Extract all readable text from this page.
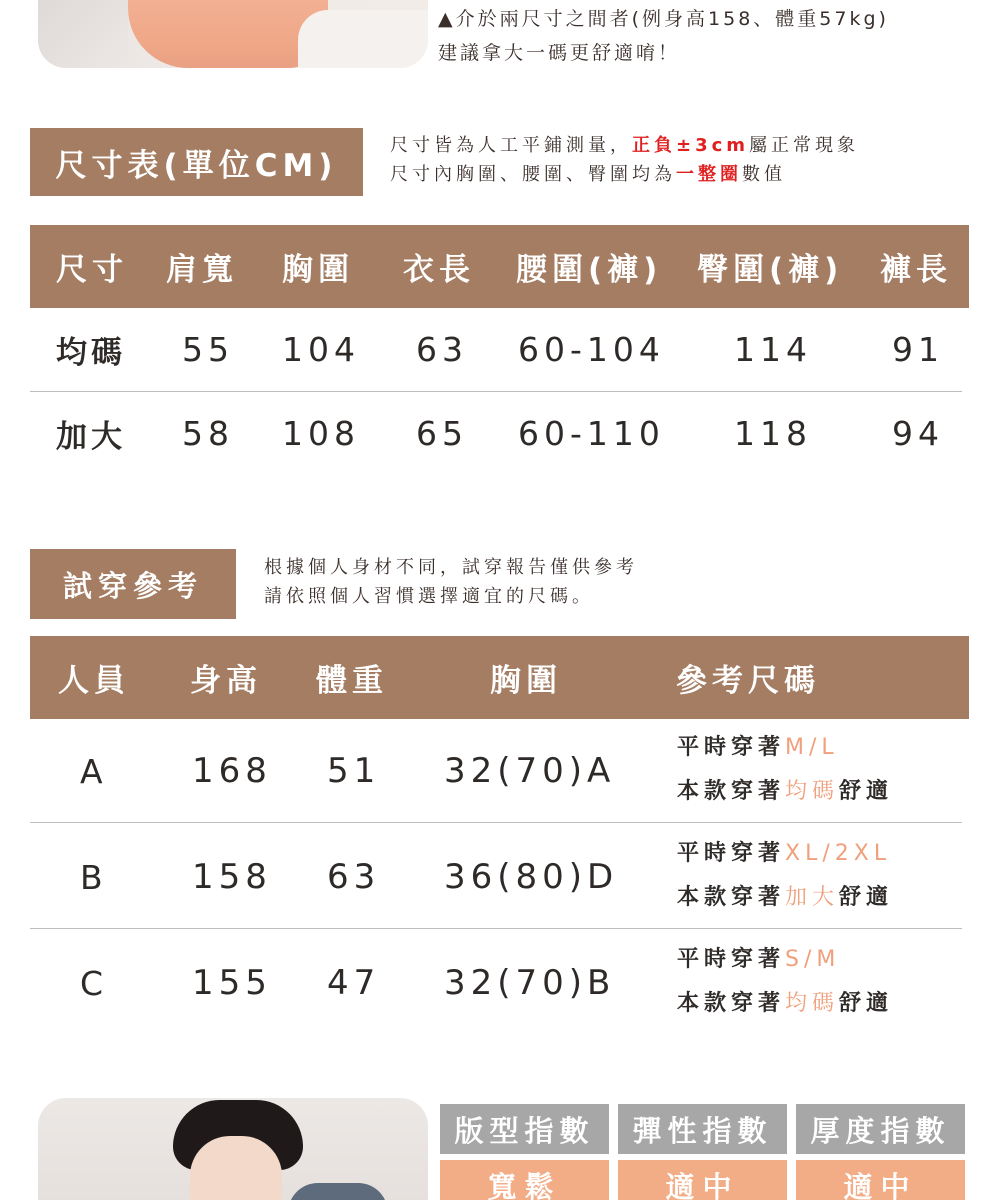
▲介於兩尺寸之間者(例身高158、體重57kg)
建議拿大一碼更舒適唷！
尺寸表(單位CM)
尺寸皆為人工平鋪測量，正負±3cm屬正常現象
尺寸內胸圍、腰圍、臀圍均為一整圈數值
尺寸 肩寬 胸圍 衣長 腰圍(褲) 臀圍(褲) 褲長
均碼 55 104 63 60-104 114 91
加大 58 108 65 60-110 118 94
試穿參考
根據個人身材不同，試穿報告僅供參考
請依照個人習慣選擇適宜的尺碼。
人員 身高 體重	胸圍	參考尺碼
A 168 51 32(70)A
平時穿著M/L
本款穿著均碼舒適
B 158 63 36(80)D
平時穿著XL/2XL
本款穿著加大舒適
C 155 47 32(70)B
平時穿著S/M
本款穿著均碼舒適
版型指數
寬鬆
彈性指數
適中
厚度指數
適中
